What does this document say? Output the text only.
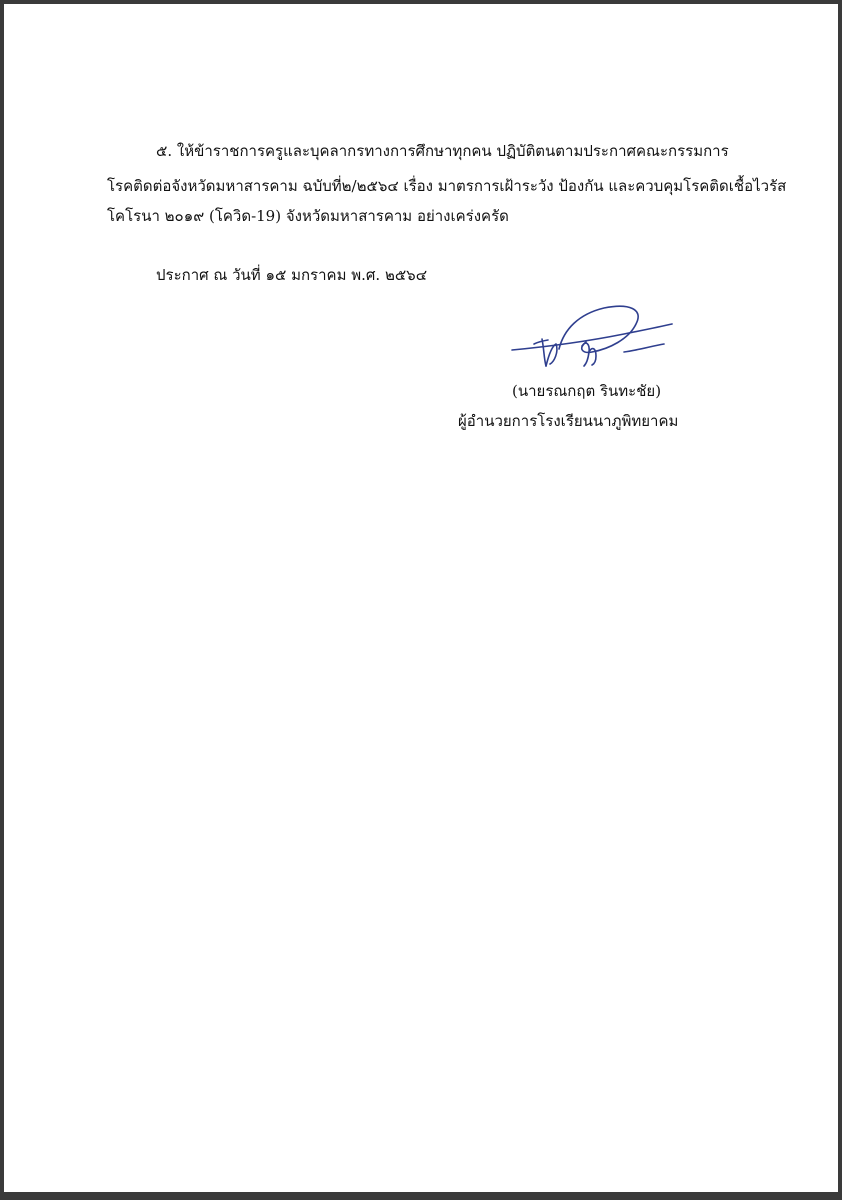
๕. ให้ข้าราชการครูและบุคลากรทางการศึกษาทุกคน ปฏิบัติตนตามประกาศคณะกรรมการ
โรคติดต่อจังหวัดมหาสารคาม ฉบับที่๒/๒๕๖๔ เรื่อง มาตรการเฝ้าระวัง ป้องกัน และควบคุมโรคติดเชื้อไวรัส
โคโรนา ๒๐๑๙ (โควิด-19) จังหวัดมหาสารคาม อย่างเคร่งครัด
ประกาศ ณ วันที่ ๑๕ มกราคม พ.ศ. ๒๕๖๔
(นายรณกฤต รินทะชัย)
ผู้อำนวยการโรงเรียนนาภูพิทยาคม
